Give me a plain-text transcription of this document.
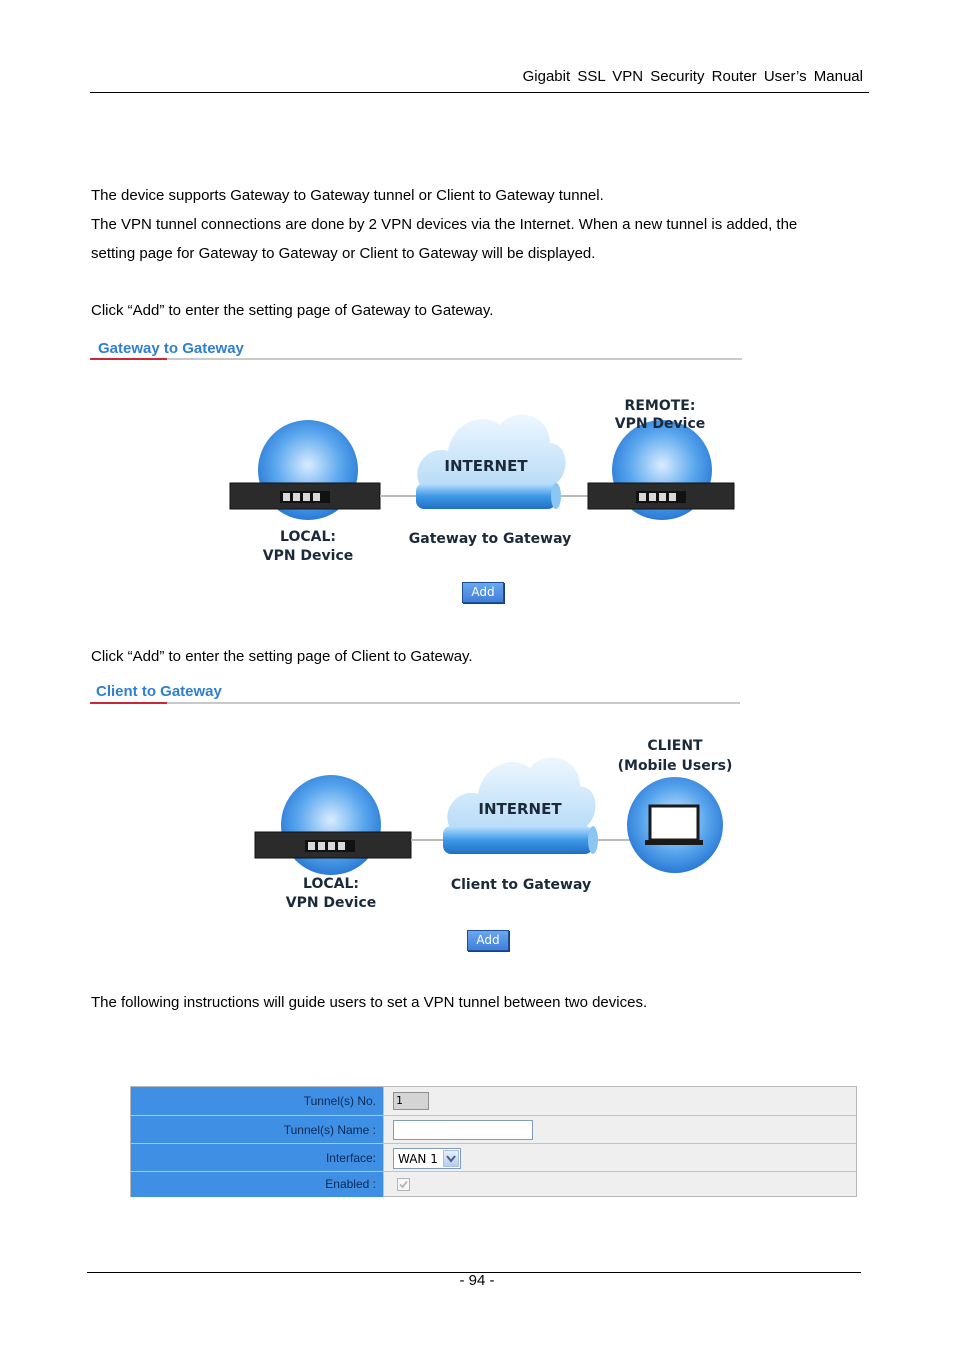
Gigabit SSL VPN Security Router User’s Manual
The device supports Gateway to Gateway tunnel or Client to Gateway tunnel.
The VPN tunnel connections are done by 2 VPN devices via the Internet. When a new tunnel is added, the
setting page for Gateway to Gateway or Client to Gateway will be displayed.
Click “Add” to enter the setting page of Gateway to Gateway.
Gateway to Gateway
INTERNET
REMOTE:
VPN Device
LOCAL:
VPN Device
Gateway to Gateway
Add
Click “Add” to enter the setting page of Client to Gateway.
Client to Gateway
INTERNET
CLIENT
(Mobile Users)
LOCAL:
VPN Device
Client to Gateway
Add
The following instructions will guide users to set a VPN tunnel between two devices.
Tunnel(s) No.	1
Tunnel(s) Name :
Interface:	WAN 1
Enabled :
- 94 -
